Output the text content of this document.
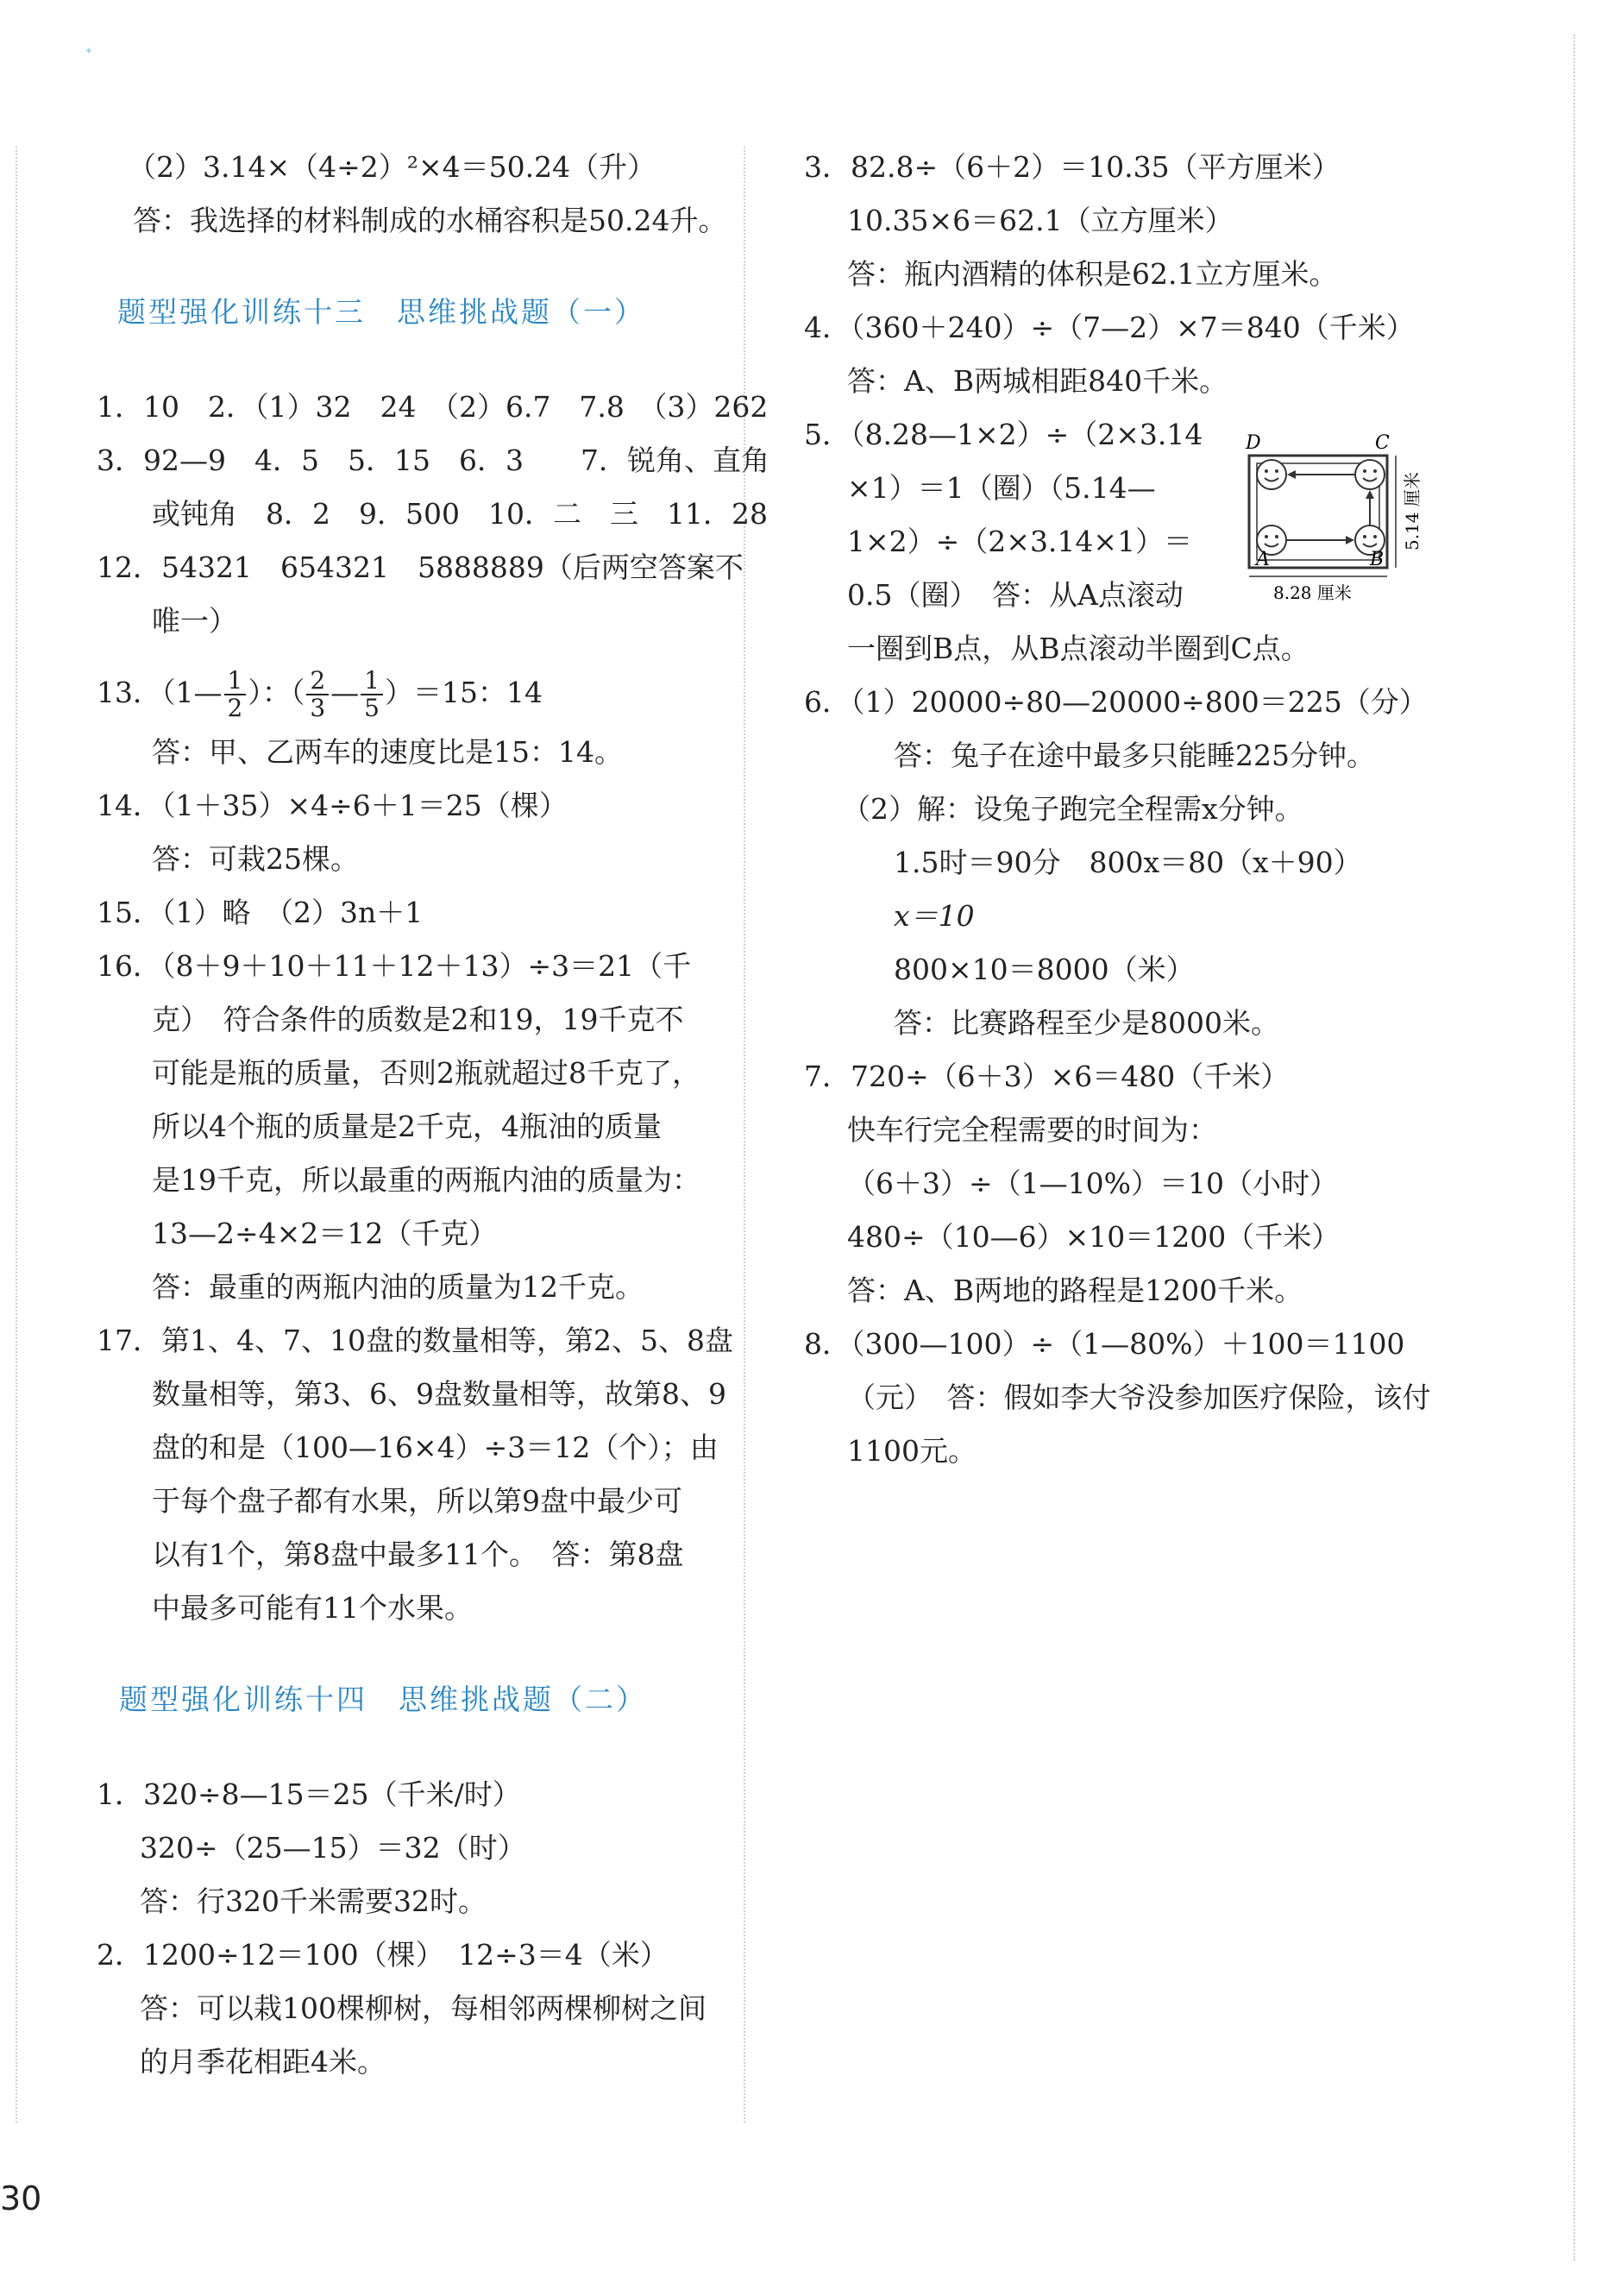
✦
（2）3.14×（4÷2）²×4＝50.24（升）
答：我选择的材料制成的水桶容积是50.24升。
题型强化训练十三　思维挑战题（一）
1．10　2．（1）32　24　（2）6.7　7.8　（3）262
3．92—9　4．5　5．15　6．3　　7．锐角、直角
或钝角　8．2　9．500　10．二　三　11．28
12．54321　654321　5888889（后两空答案不
唯一）
13．（1— $\frac{1}{2}$ ）：（ $\frac{2}{3}$ — $\frac{1}{5} )=15$：14
答：甲、乙两车的速度比是15：14。
14．（1＋35）×4÷6＋1＝25（棵）
答：可栽25棵。
15．（1）略　（2）3n＋1
16．（8＋9＋10＋11＋12＋13）÷3＝21（千
克）　符合条件的质数是2和19，19千克不
可能是瓶的质量，否则2瓶就超过8千克了，
所以4个瓶的质量是2千克，4瓶油的质量
是19千克，所以最重的两瓶内油的质量为：
13—2÷4×2＝12（千克）
答：最重的两瓶内油的质量为12千克。
17．第1、4、7、10盘的数量相等，第2、5、8盘
数量相等，第3、6、9盘数量相等，故第8、9
盘的和是（100—16×4）÷3＝12（个）；由
于每个盘子都有水果，所以第9盘中最少可
以有1个，第8盘中最多11个。　答：第8盘
中最多可能有11个水果。
题型强化训练十四　思维挑战题（二）
1．320÷8—15＝25（千米/时）
320÷（25—15）＝32（时）
答：行320千米需要32时。
2．1200÷12＝100（棵）　12÷3＝4（米）
答：可以栽100棵柳树，每相邻两棵柳树之间
的月季花相距4米。
3．82.8÷（6＋2）＝10.35（平方厘米）
10.35×6＝62.1（立方厘米）
答：瓶内酒精的体积是62.1立方厘米。
4．（360＋240）÷（7—2）×7＝840（千米）
答：A、B两城相距840千米。
5．（8.28—1×2）÷（2×3.14
×1）＝1（圈）（5.14—
1×2）÷（2×3.14×1）＝
0.5（圈）　答：从A点滚动
一圈到B点，从B点滚动半圈到C点。
6．（1）20000÷80—20000÷800＝225（分）
答：兔子在途中最多只能睡225分钟。
（2）解：设兔子跑完全程需x分钟。
1.5时＝90分　800x＝80（x＋90）
x＝10
800×10＝8000（米）
答：比赛路程至少是8000米。
7．720÷（6＋3）×6＝480（千米）
快车行完全程需要的时间为：
（6＋3）÷（1—10%）＝10（小时）
480÷（10—6）×10＝1200（千米）
答：A、B两地的路程是1200千米。
8．（300—100）÷（1—80%）＋100＝1100
（元）　答：假如李大爷没参加医疗保险，该付
1100元。
D	C
A	B
8.28 厘米
5.14 厘米
30
